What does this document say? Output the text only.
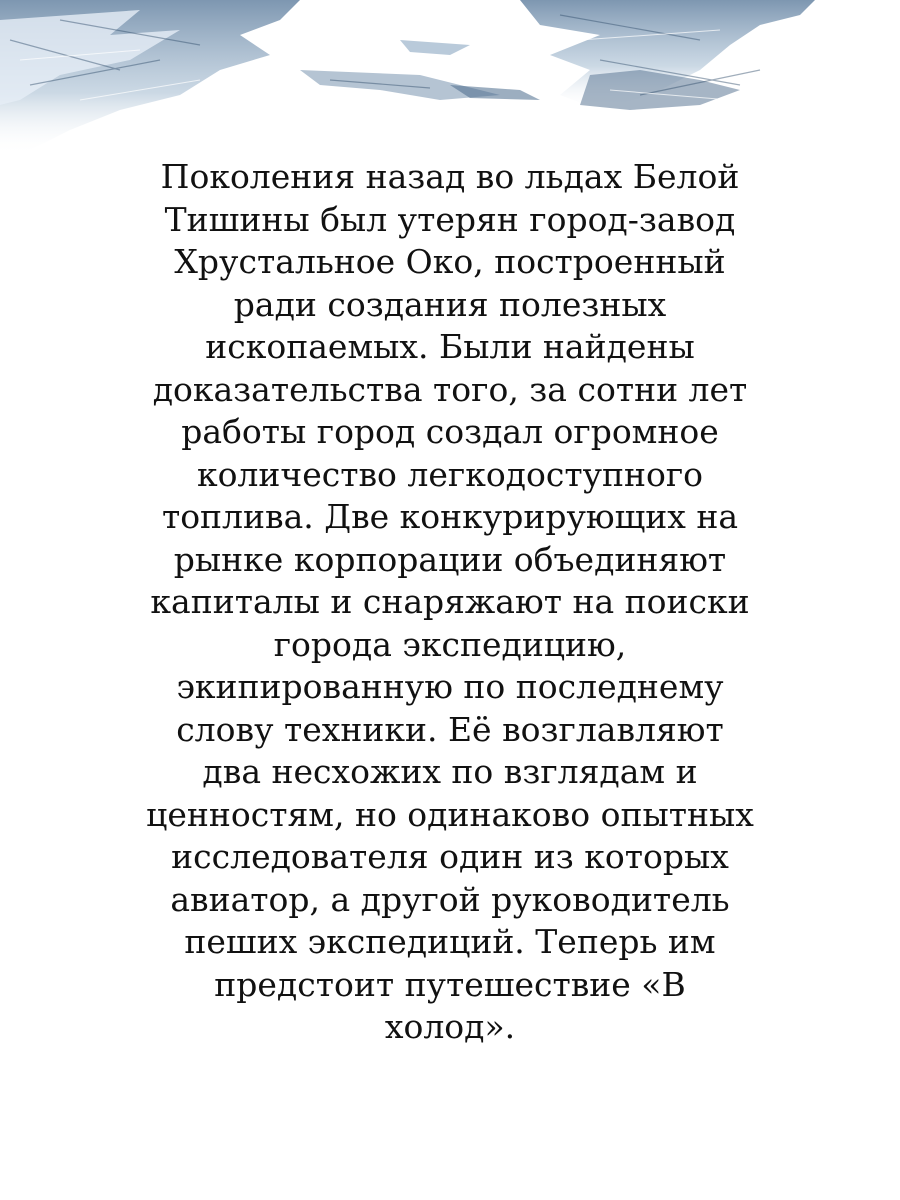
Поколения назад во льдах Белой
Тишины был утерян город-завод
Хрустальное Око, построенный
ради создания полезных
ископаемых. Были найдены
доказательства того, за сотни лет
работы город создал огромное
количество легкодоступного
топлива. Две конкурирующих на
рынке корпорации объединяют
капиталы и снаряжают на поиски
города экспедицию,
экипированную по последнему
слову техники. Её возглавляют
два несхожих по взглядам и
ценностям, но одинаково опытных
исследователя один из которых
авиатор, а другой руководитель
пеших экспедиций. Теперь им
предстоит путешествие «В
холод».
